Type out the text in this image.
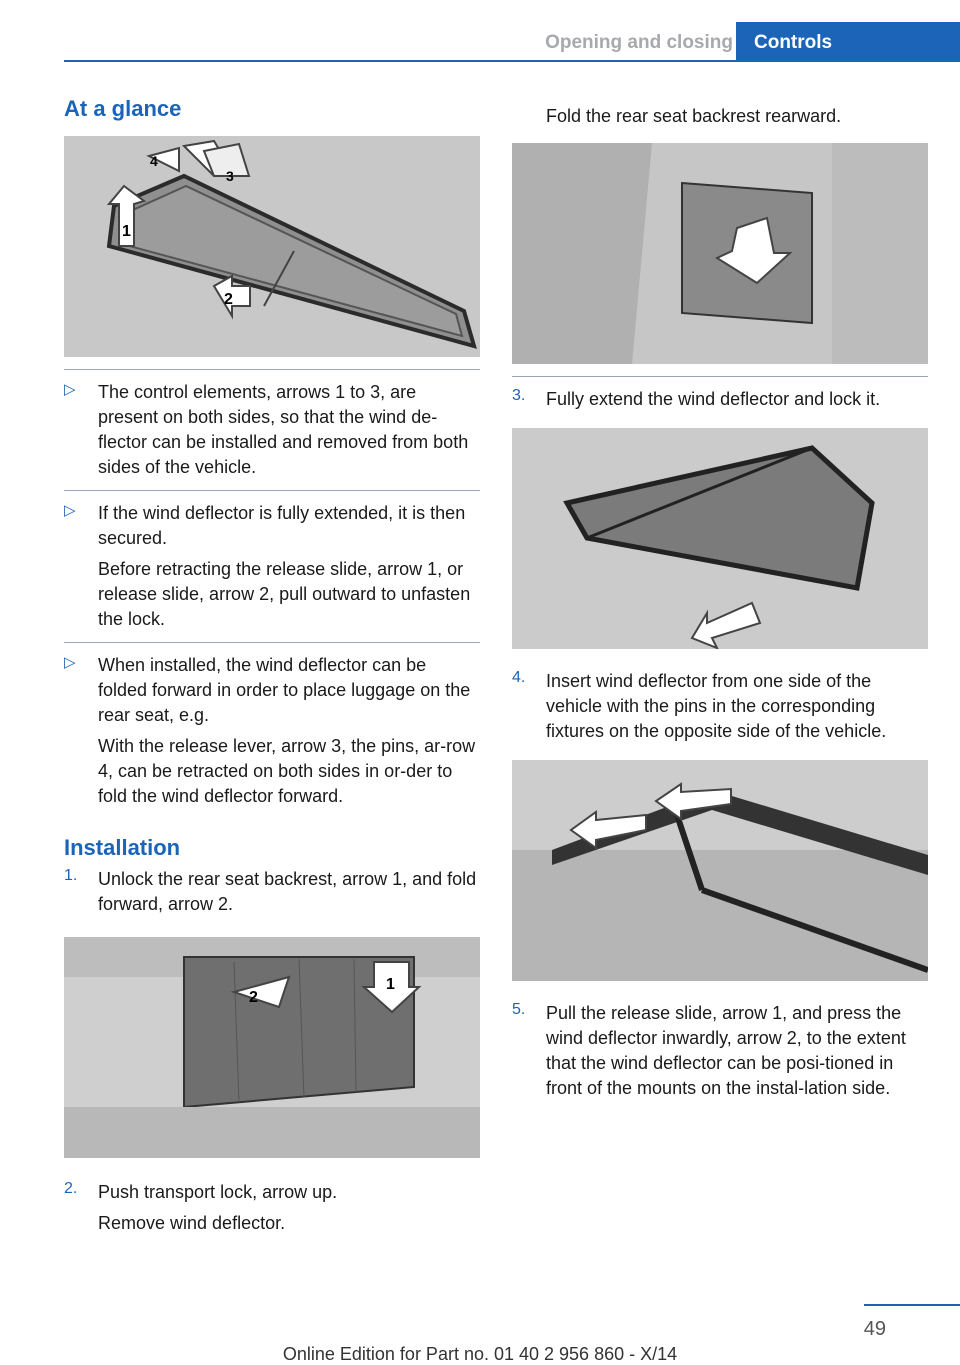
Opening and closing	Controls
At a glance
1
2
3
4
▷ The control elements, arrows 1 to 3, are present on both sides, so that the wind de-flector can be installed and removed from both sides of the vehicle.

▷ If the wind deflector is fully extended, it is then secured.

Before retracting the release slide, arrow 1, or release slide, arrow 2, pull outward to unfasten the lock.

▷ When installed, the wind deflector can be folded forward in order to place luggage on the rear seat, e.g.

With the release lever, arrow 3, the pins, ar-row 4, can be retracted on both sides in or-der to fold the wind deflector forward.

Installation
1. Unlock the rear seat backrest, arrow 1, and fold forward, arrow 2.

1
2
2. Push transport lock, arrow up.

Remove wind deflector.

Fold the rear seat backrest rearward.

3. Fully extend the wind deflector and lock it.

4. Insert wind deflector from one side of the vehicle with the pins in the corresponding fixtures on the opposite side of the vehicle.

5. Pull the release slide, arrow 1, and press the wind deflector inwardly, arrow 2, to the extent that the wind deflector can be posi-tioned in front of the mounts on the instal-lation side.

49
Online Edition for Part no. 01 40 2 956 860 - X/14
